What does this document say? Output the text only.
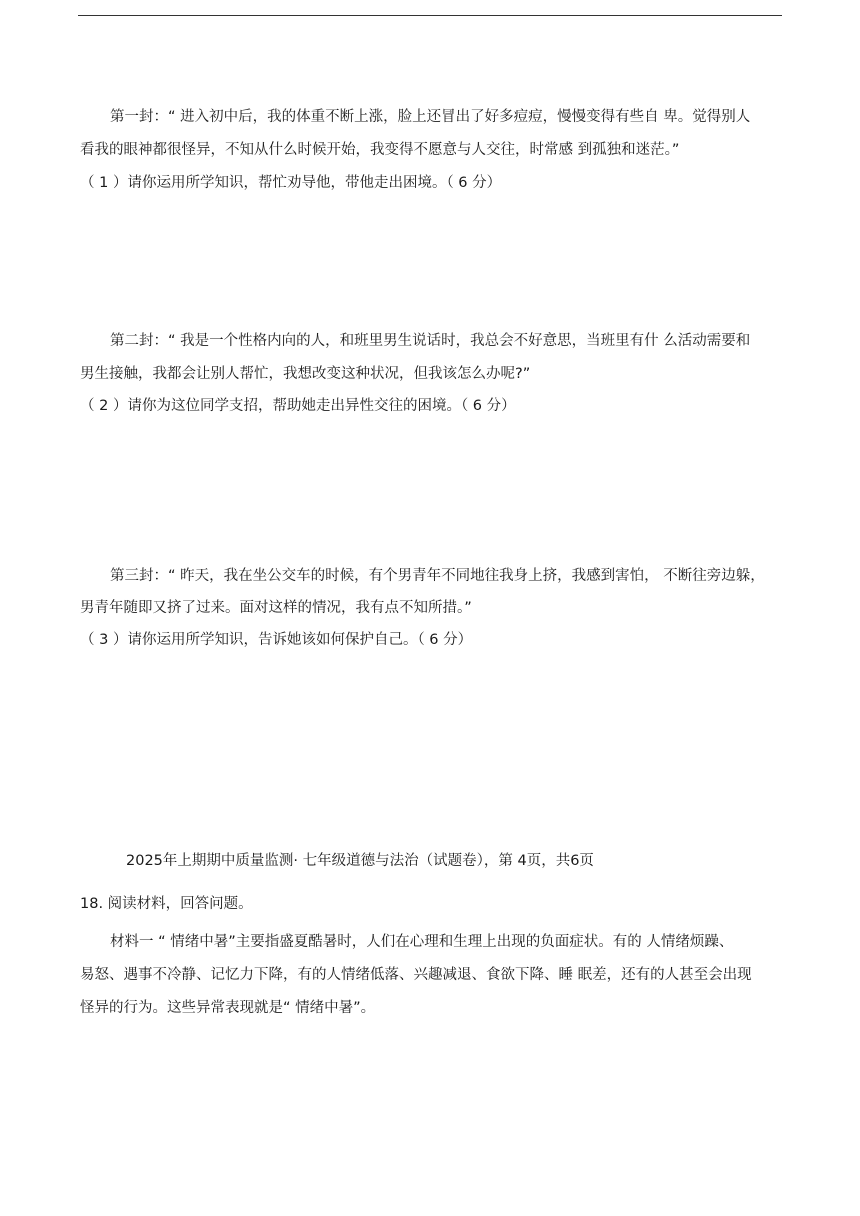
第一封：“ 进入初中后，我的体重不断上涨，脸上还冒出了好多痘痘，慢慢变得有些自 卑。觉得别人
看我的眼神都很怪异，不知从什么时候开始，我变得不愿意与人交往，时常感 到孤独和迷茫。”
（ 1 ）请你运用所学知识，帮忙劝导他，带他走出困境。（ 6 分）
第二封：“ 我是一个性格内向的人，和班里男生说话时，我总会不好意思，当班里有什 么活动需要和
男生接触，我都会让别人帮忙，我想改变这种状况，但我该怎么办呢?”
（ 2 ）请你为这位同学支招，帮助她走出异性交往的困境。（ 6 分）
第三封：“ 昨天，我在坐公交车的时候，有个男青年不同地往我身上挤，我感到害怕， 不断往旁边躲，
男青年随即又挤了过来。面对这样的情况，我有点不知所措。”
（ 3 ）请你运用所学知识，告诉她该如何保护自己。（ 6 分）
2025年上期期中质量监测· 七年级道德与法治（试题卷），第 4页，共6页
18. 阅读材料，回答问题。
材料一 “ 情绪中暑”主要指盛夏酷暑时，人们在心理和生理上出现的负面症状。有的 人情绪烦躁、
易怒、遇事不冷静、记忆力下降，有的人情绪低落、兴趣减退、食欲下降、睡 眠差，还有的人甚至会出现
怪异的行为。这些异常表现就是“ 情绪中暑”。
